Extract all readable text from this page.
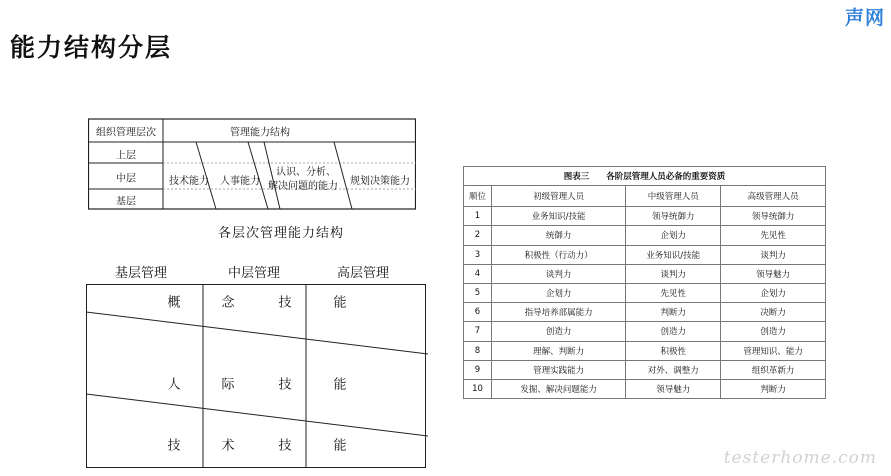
声网
能力结构分层
组织管理层次	管理能力结构
上层
中层
基层
技术能力 人事能力
认识、分析、
解决问题的能力 规划决策能力
各层次管理能力结构
基层管理	中层管理	高层管理
概	念	技	能
人	际	技	能
技	术	技	能
图表三　　各阶层管理人员必备的重要资质			
顺位	初级管理人员	中级管理人员	高级管理人员
1	业务知识/技能	领导统御力	领导统御力
2	统御力	企划力	先见性
3	积极性（行动力）	业务知识/技能	谈判力
4	谈判力	谈判力	领导魅力
5	企划力	先见性	企划力
6	指导培养部属能力	判断力	决断力
7	创造力	创造力	创造力
8	理解、判断力	积极性	管理知识、能力
9	管理实践能力	对外、调整力	组织革新力
10	发掘、解决问题能力	领导魅力	判断力
testerhome.com
